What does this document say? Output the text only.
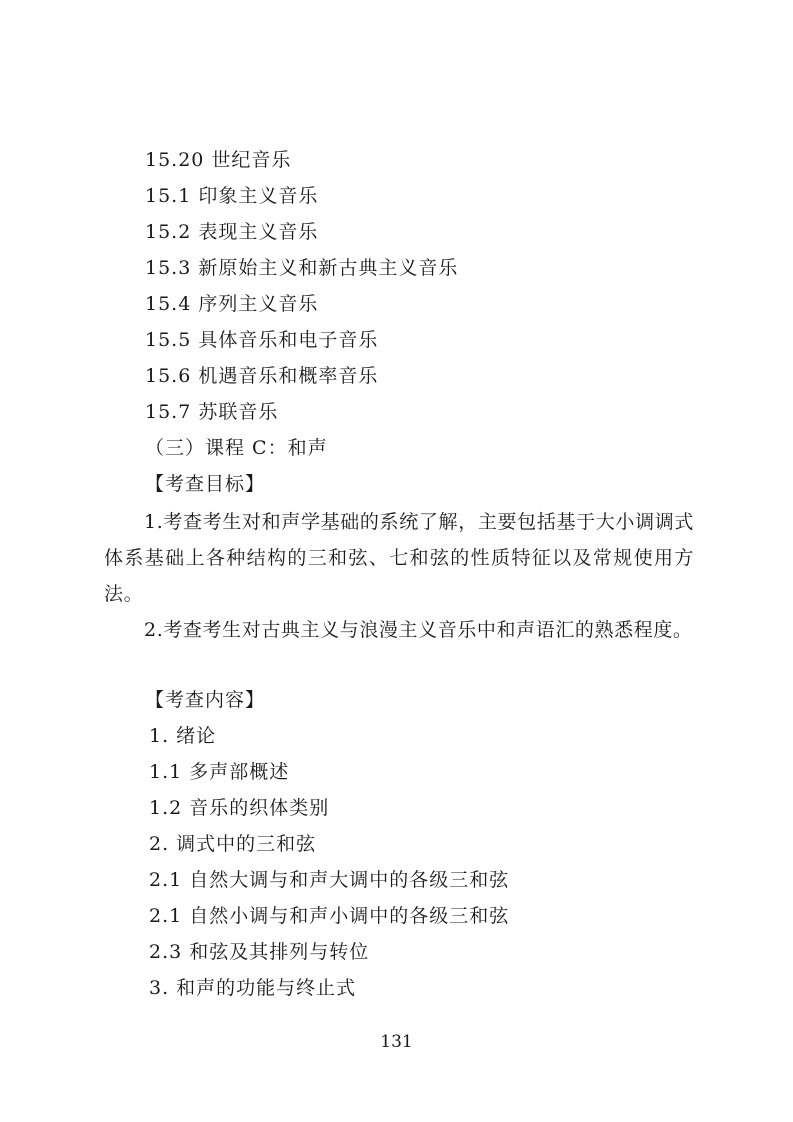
15.20 世纪音乐
15.1 印象主义音乐
15.2 表现主义音乐
15.3 新原始主义和新古典主义音乐
15.4 序列主义音乐
15.5 具体音乐和电子音乐
15.6 机遇音乐和概率音乐
15.7 苏联音乐
（三）课程 C：和声
【考查目标】
1.考查考生对和声学基础的系统了解，主要包括基于大小调调式体系基础上各种结构的三和弦、七和弦的性质特征以及常规使用方法。
2.考查考生对古典主义与浪漫主义音乐中和声语汇的熟悉程度。
【考查内容】
1. 绪论
1.1 多声部概述
1.2 音乐的织体类别
2. 调式中的三和弦
2.1 自然大调与和声大调中的各级三和弦
2.1 自然小调与和声小调中的各级三和弦
2.3 和弦及其排列与转位
3. 和声的功能与终止式
131
